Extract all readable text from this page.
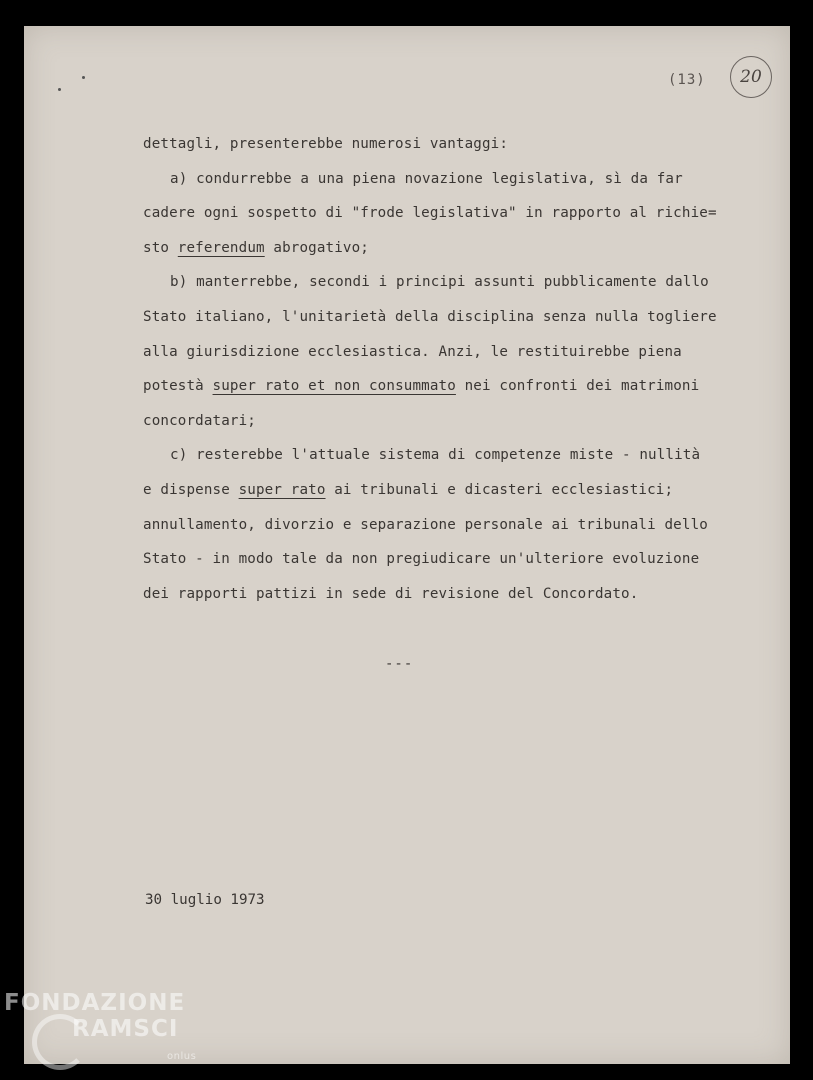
(13)	20
dettagli, presenterebbe numerosi vantaggi:
a) condurrebbe a una piena novazione legislativa, sì da far
cadere ogni sospetto di "frode legislativa" in rapporto al richie=
sto referendum abrogativo;
b) manterrebbe, secondi i principi assunti pubblicamente dallo
Stato italiano, l'unitarietà della disciplina senza nulla togliere
alla giurisdizione ecclesiastica. Anzi, le restituirebbe piena
potestà super rato et non consummato nei confronti dei matrimoni
concordatari;
c) resterebbe l'attuale sistema di competenze miste - nullità
e dispense super rato ai tribunali e dicasteri ecclesiastici;
annullamento, divorzio e separazione personale ai tribunali dello
Stato - in modo tale da non pregiudicare un'ulteriore evoluzione
dei rapporti pattizi in sede di revisione del Concordato.
---
30 luglio 1973
FONDAZIONE
RAMSCI
onlus
